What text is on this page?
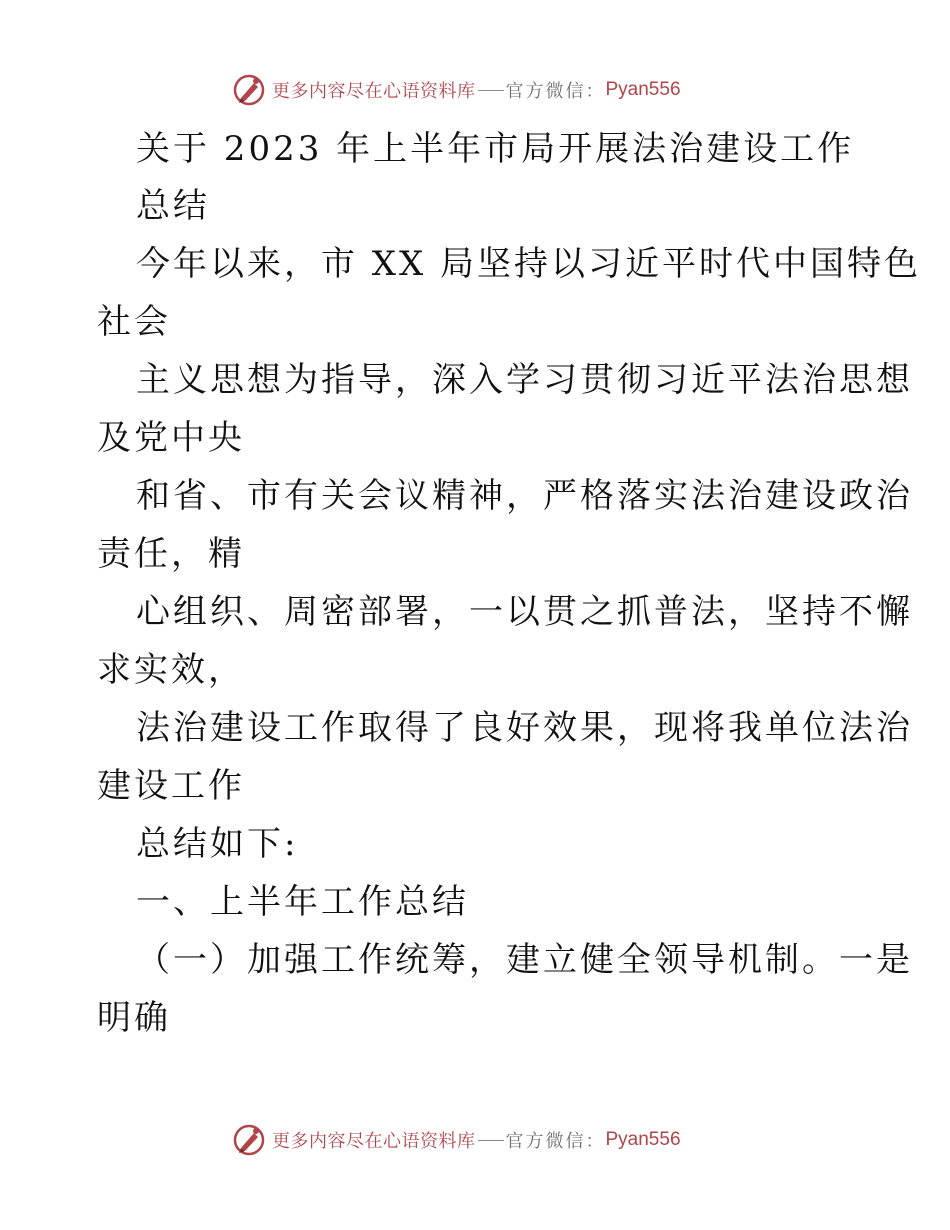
更多内容尽在心语资料库 官方微信： Pyan556
关于 2023 年上半年市局开展法治建设工作
总结
今年以来，市 XX 局坚持以习近平时代中国特色
社会
主义思想为指导，深入学习贯彻习近平法治思想
及党中央
和省、市有关会议精神，严格落实法治建设政治
责任，精
心组织、周密部署，一以贯之抓普法，坚持不懈
求实效，
法治建设工作取得了良好效果，现将我单位法治
建设工作
总结如下:
一、上半年工作总结
（一）加强工作统筹，建立健全领导机制。一是
明确
更多内容尽在心语资料库 官方微信： Pyan556
